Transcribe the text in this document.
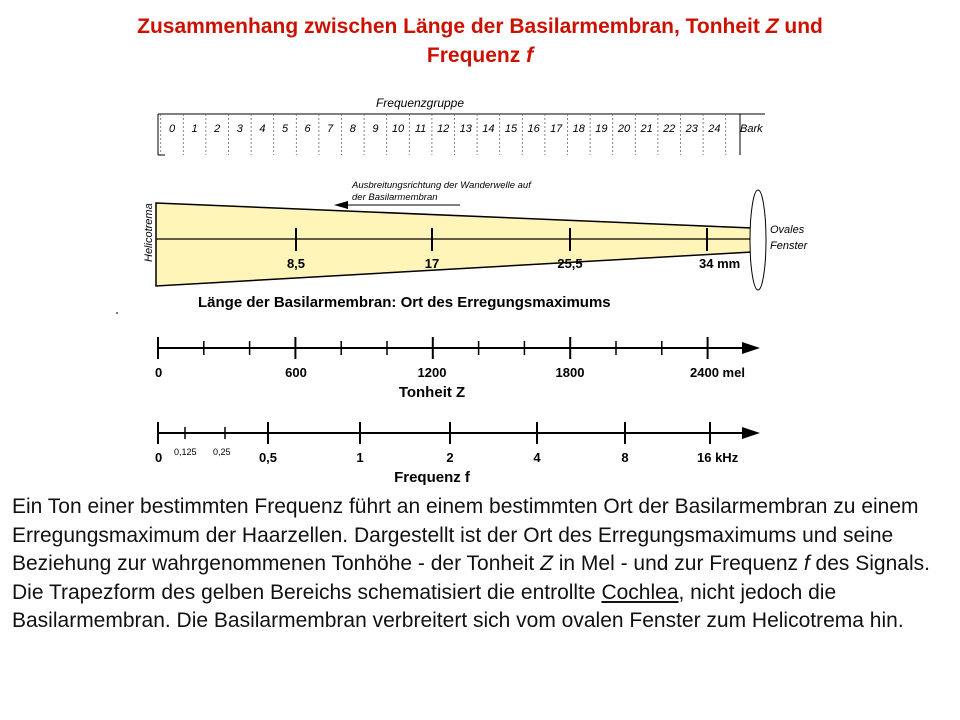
Zusammenhang zwischen Länge der Basilarmembran, Tonheit Z und
Frequenz f
Frequenzgruppe
0 1 2 3 4 5 6 7 8 9 10 11 12 13 14 15 16 17 18 19 20 21 22 23 24 Bark
Helicotrema	Ovales
Fenster
Ausbreitungsrichtung der Wanderwelle auf
der Basilarmembran
8,5	17	25,5	34 mm
Länge der Basilarmembran: Ort des Erregungsmaximums
0	600	1200	1800	2400 mel
Tonheit Z
0	0,5	1	2	4	8	16 kHz
0,125 0,25
Frequenz f
Ein Ton einer bestimmten Frequenz führt an einem bestimmten Ort der Basilarmembran zu einem Erregungsmaximum der Haarzellen. Dargestellt ist der Ort des Erregungsmaximums und seine Beziehung zur wahrgenommenen Tonhöhe - der Tonheit Z in Mel - und zur Frequenz f des Signals. Die Trapezform des gelben Bereichs schematisiert die entrollte Cochlea, nicht jedoch die Basilarmembran. Die Basilarmembran verbreitert sich vom ovalen Fenster zum Helicotrema hin.
